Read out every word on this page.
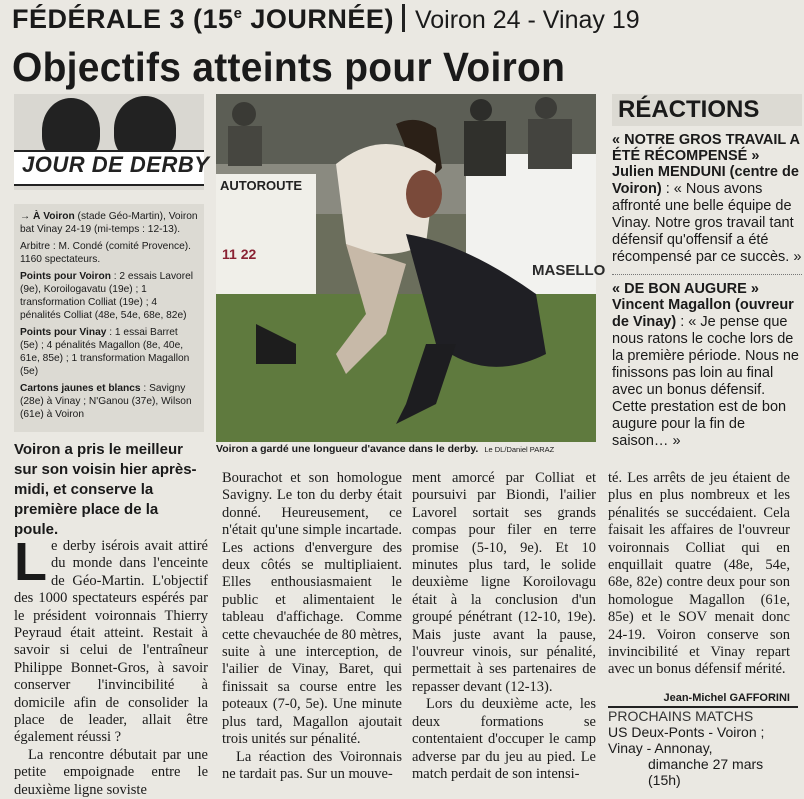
FÉDÉRALE 3 (15e JOURNÉE) Voiron 24 - Vinay 19
Objectifs atteints pour Voiron
JOUR DE DERBY

→ À Voiron (stade Géo-Martin), Voiron bat Vinay 24-19 (mi-temps : 12-13).

Arbitre : M. Condé (comité Provence).

1160 spectateurs.

Points pour Voiron : 2 essais Lavorel (9e), Koroilogavatu (19e) ; 1 transformation Colliat (19e) ; 4 pénalités Colliat (48e, 54e, 68e, 82e)

Points pour Vinay : 1 essai Barret (5e) ; 4 pénalités Magallon (8e, 40e, 61e, 85e) ; 1 transformation Magallon (5e)

Cartons jaunes et blancs : Savigny (28e) à Vinay ; N'Ganou (37e), Wilson (61e) à Voiron

Voiron a pris le meilleur sur son voisin hier après-midi, et conserve la première place de la poule.
AUTOROUTE
11 22
MASELLO
Voiron a gardé une longueur d'avance dans le derby. Le DL/Daniel PARAZ
RÉACTIONS
« NOTRE GROS TRAVAIL A ÉTÉ RÉCOMPENSÉ »
Julien MENDUNI (centre de Voiron) : « Nous avons affronté une belle équipe de Vinay. Notre gros travail tant défensif qu'offensif a été récompensé par ce succès. »
« DE BON AUGURE »
Vincent Magallon (ouvreur de Vinay) : « Je pense que nous ratons le coche lors de la première période. Nous ne finissons pas loin au final avec un bonus défensif. Cette prestation est de bon augure pour la fin de saison… »
Le derby isérois avait attiré du monde dans l'enceinte de Géo-Martin. L'objectif des 1000 spectateurs espérés par le président voironnais Thierry Peyraud était atteint. Restait à savoir si celui de l'entraîneur Philippe Bonnet-Gros, à savoir conserver l'invincibilité à domicile afin de consolider la place de leader, allait être également réussi ?

La rencontre débutait par une petite empoignade entre le deuxième ligne soviste

Bourachot et son homologue Savigny. Le ton du derby était donné. Heureusement, ce n'était qu'une simple incartade. Les actions d'envergure des deux côtés se multipliaient. Elles enthousiasmaient le public et alimentaient le tableau d'affichage. Comme cette chevauchée de 80 mètres, suite à une interception, de l'ailier de Vinay, Baret, qui finissait sa course entre les poteaux (7-0, 5e). Une minute plus tard, Magallon ajoutait trois unités sur pénalité.

La réaction des Voironnais ne tardait pas. Sur un mouve-

ment amorcé par Colliat et poursuivi par Biondi, l'ailier Lavorel sortait ses grands compas pour filer en terre promise (5-10, 9e). Et 10 minutes plus tard, le solide deuxième ligne Koroilovagu était à la conclusion d'un groupé pénétrant (12-10, 19e). Mais juste avant la pause, l'ouvreur vinois, sur pénalité, permettait à ses partenaires de repasser devant (12-13).

Lors du deuxième acte, les deux formations se contentaient d'occuper le camp adverse par du jeu au pied. Le match perdait de son intensi-

té. Les arrêts de jeu étaient de plus en plus nombreux et les pénalités se succédaient. Cela faisait les affaires de l'ouvreur voironnais Colliat qui en enquillait quatre (48e, 54e, 68e, 82e) contre deux pour son homologue Magallon (61e, 85e) et le SOV menait donc 24-19. Voiron conserve son invincibilité et Vinay repart avec un bonus défensif mérité.

Jean-Michel GAFFORINI
PROCHAINS MATCHS
US Deux-Ponts - Voiron ;
Vinay - Annonay,
dimanche 27 mars (15h)
